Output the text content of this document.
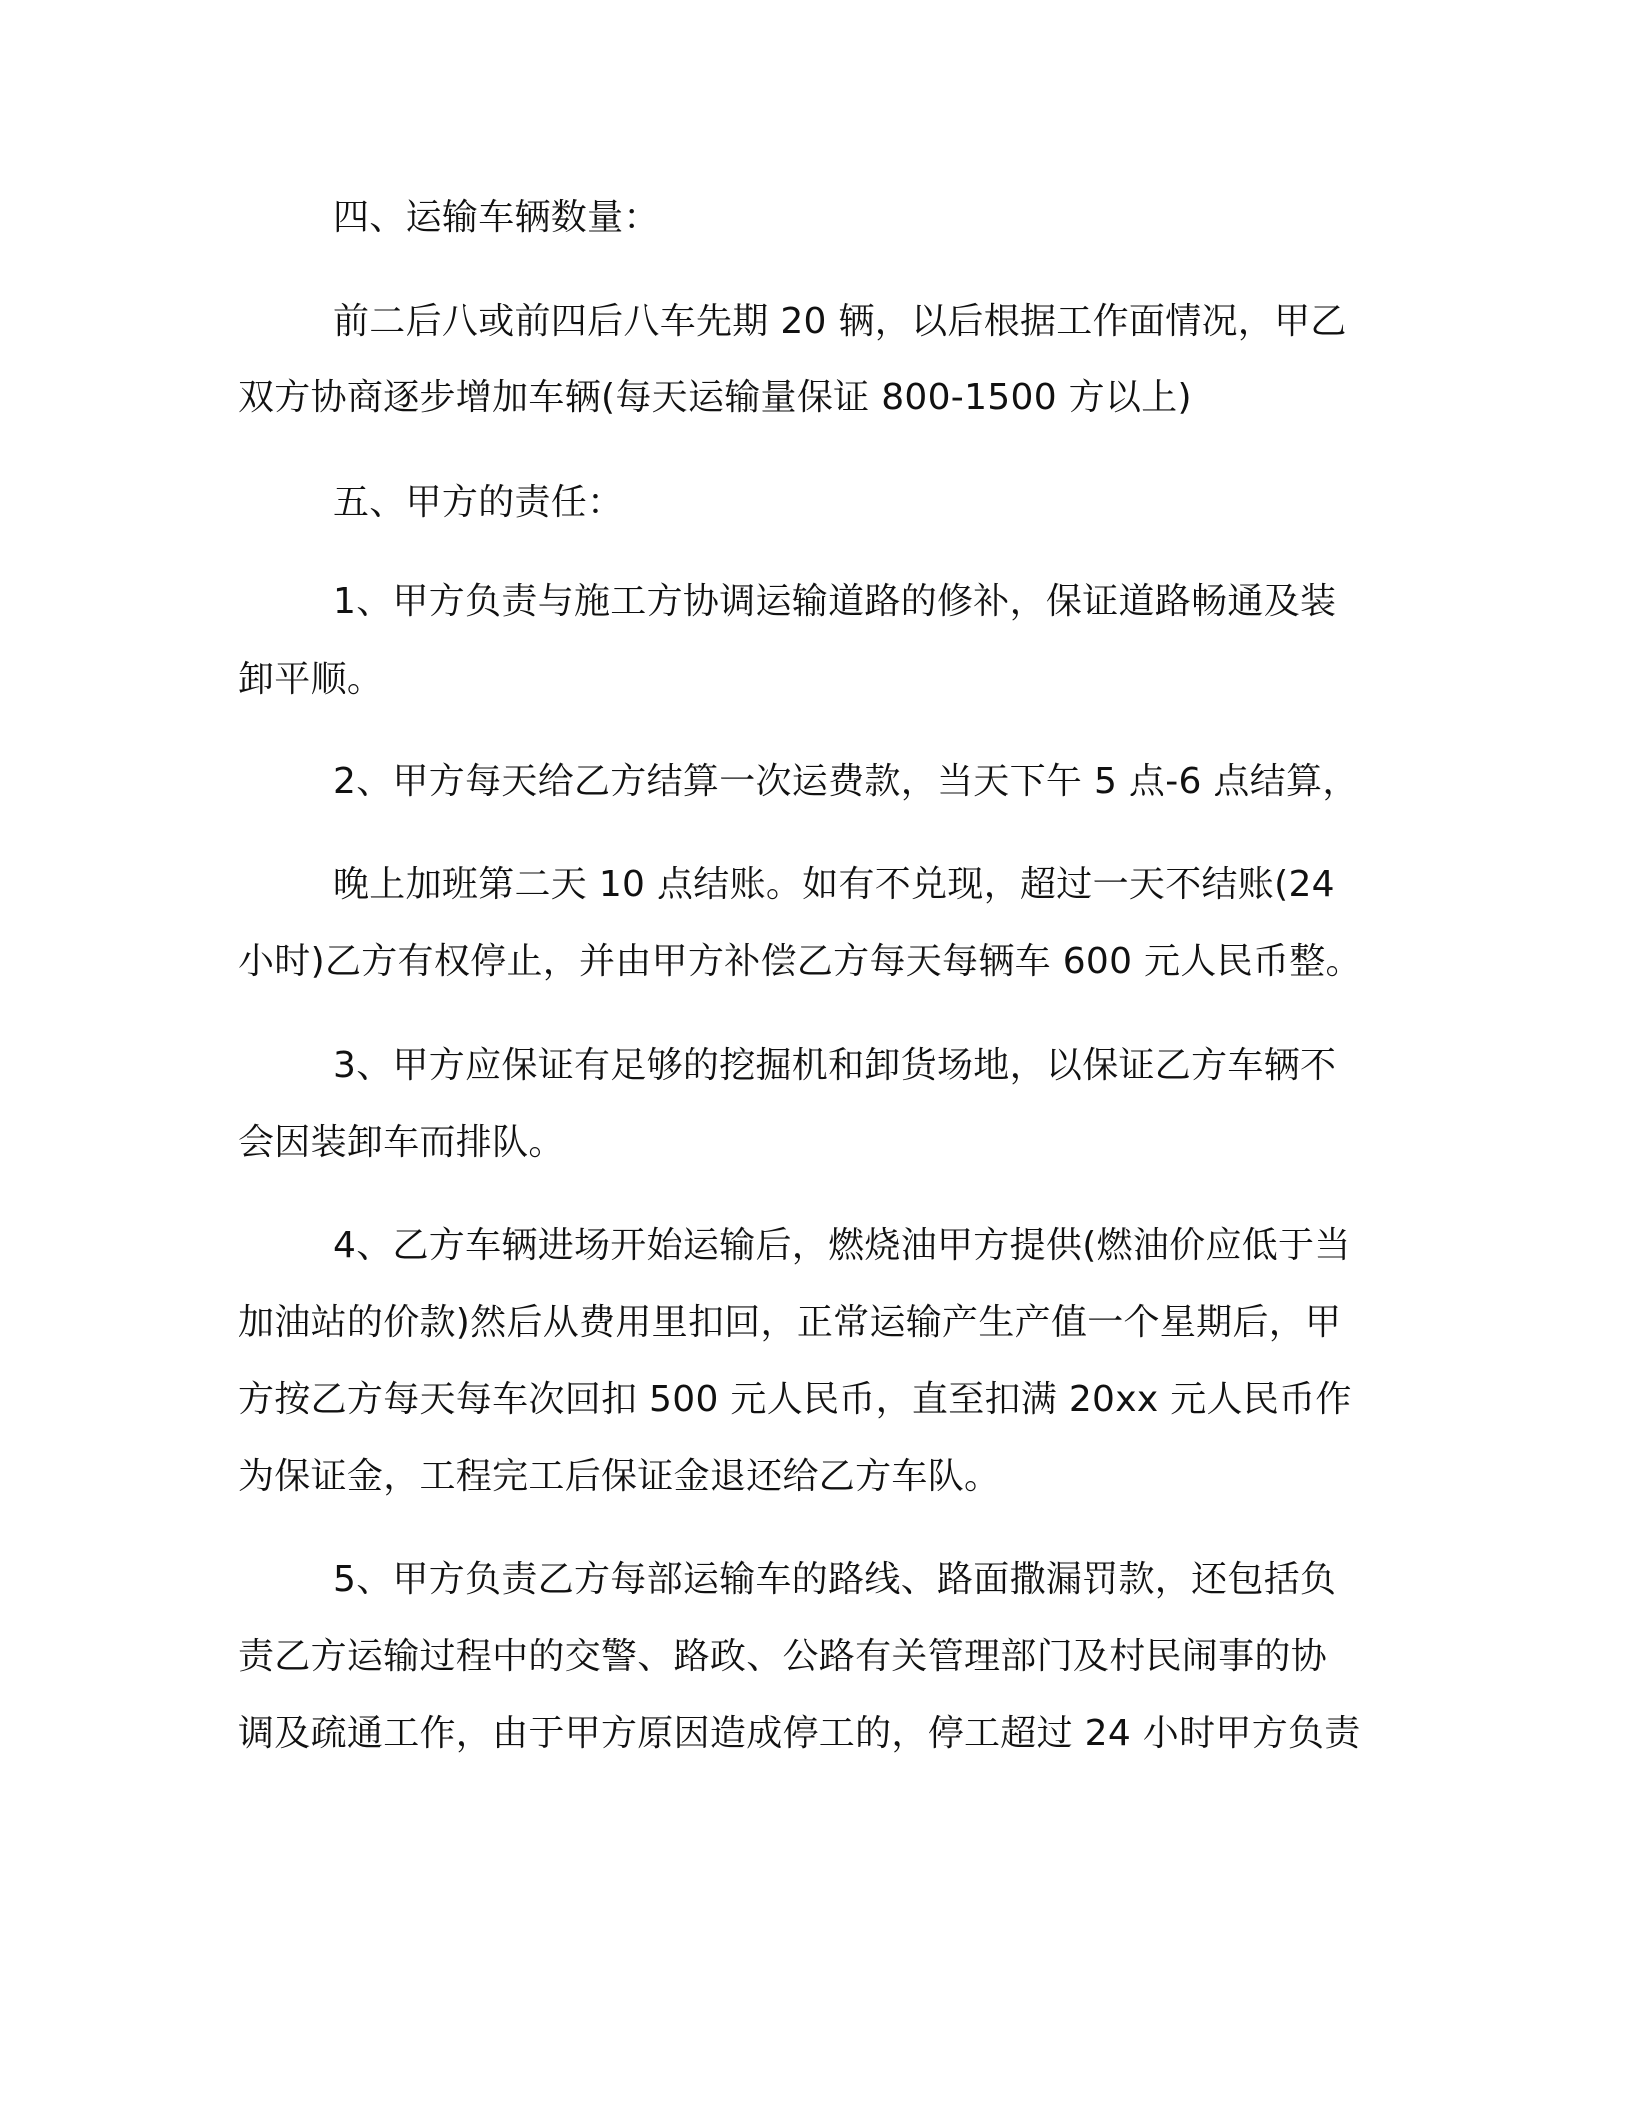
四、运输车辆数量：
前二后八或前四后八车先期 20 辆，以后根据工作面情况，甲乙
双方协商逐步增加车辆(每天运输量保证 800-1500 方以上)
五、甲方的责任：
1、甲方负责与施工方协调运输道路的修补，保证道路畅通及装
卸平顺。
2、甲方每天给乙方结算一次运费款，当天下午 5 点-6 点结算，
晚上加班第二天 10 点结账。如有不兑现，超过一天不结账(24
小时)乙方有权停止，并由甲方补偿乙方每天每辆车 600 元人民币整。
3、甲方应保证有足够的挖掘机和卸货场地，以保证乙方车辆不
会因装卸车而排队。
4、乙方车辆进场开始运输后，燃烧油甲方提供(燃油价应低于当
加油站的价款)然后从费用里扣回，正常运输产生产值一个星期后，甲
方按乙方每天每车次回扣 500 元人民币，直至扣满 20xx 元人民币作
为保证金，工程完工后保证金退还给乙方车队。
5、甲方负责乙方每部运输车的路线、路面撒漏罚款，还包括负
责乙方运输过程中的交警、路政、公路有关管理部门及村民闹事的协
调及疏通工作，由于甲方原因造成停工的，停工超过 24 小时甲方负责
